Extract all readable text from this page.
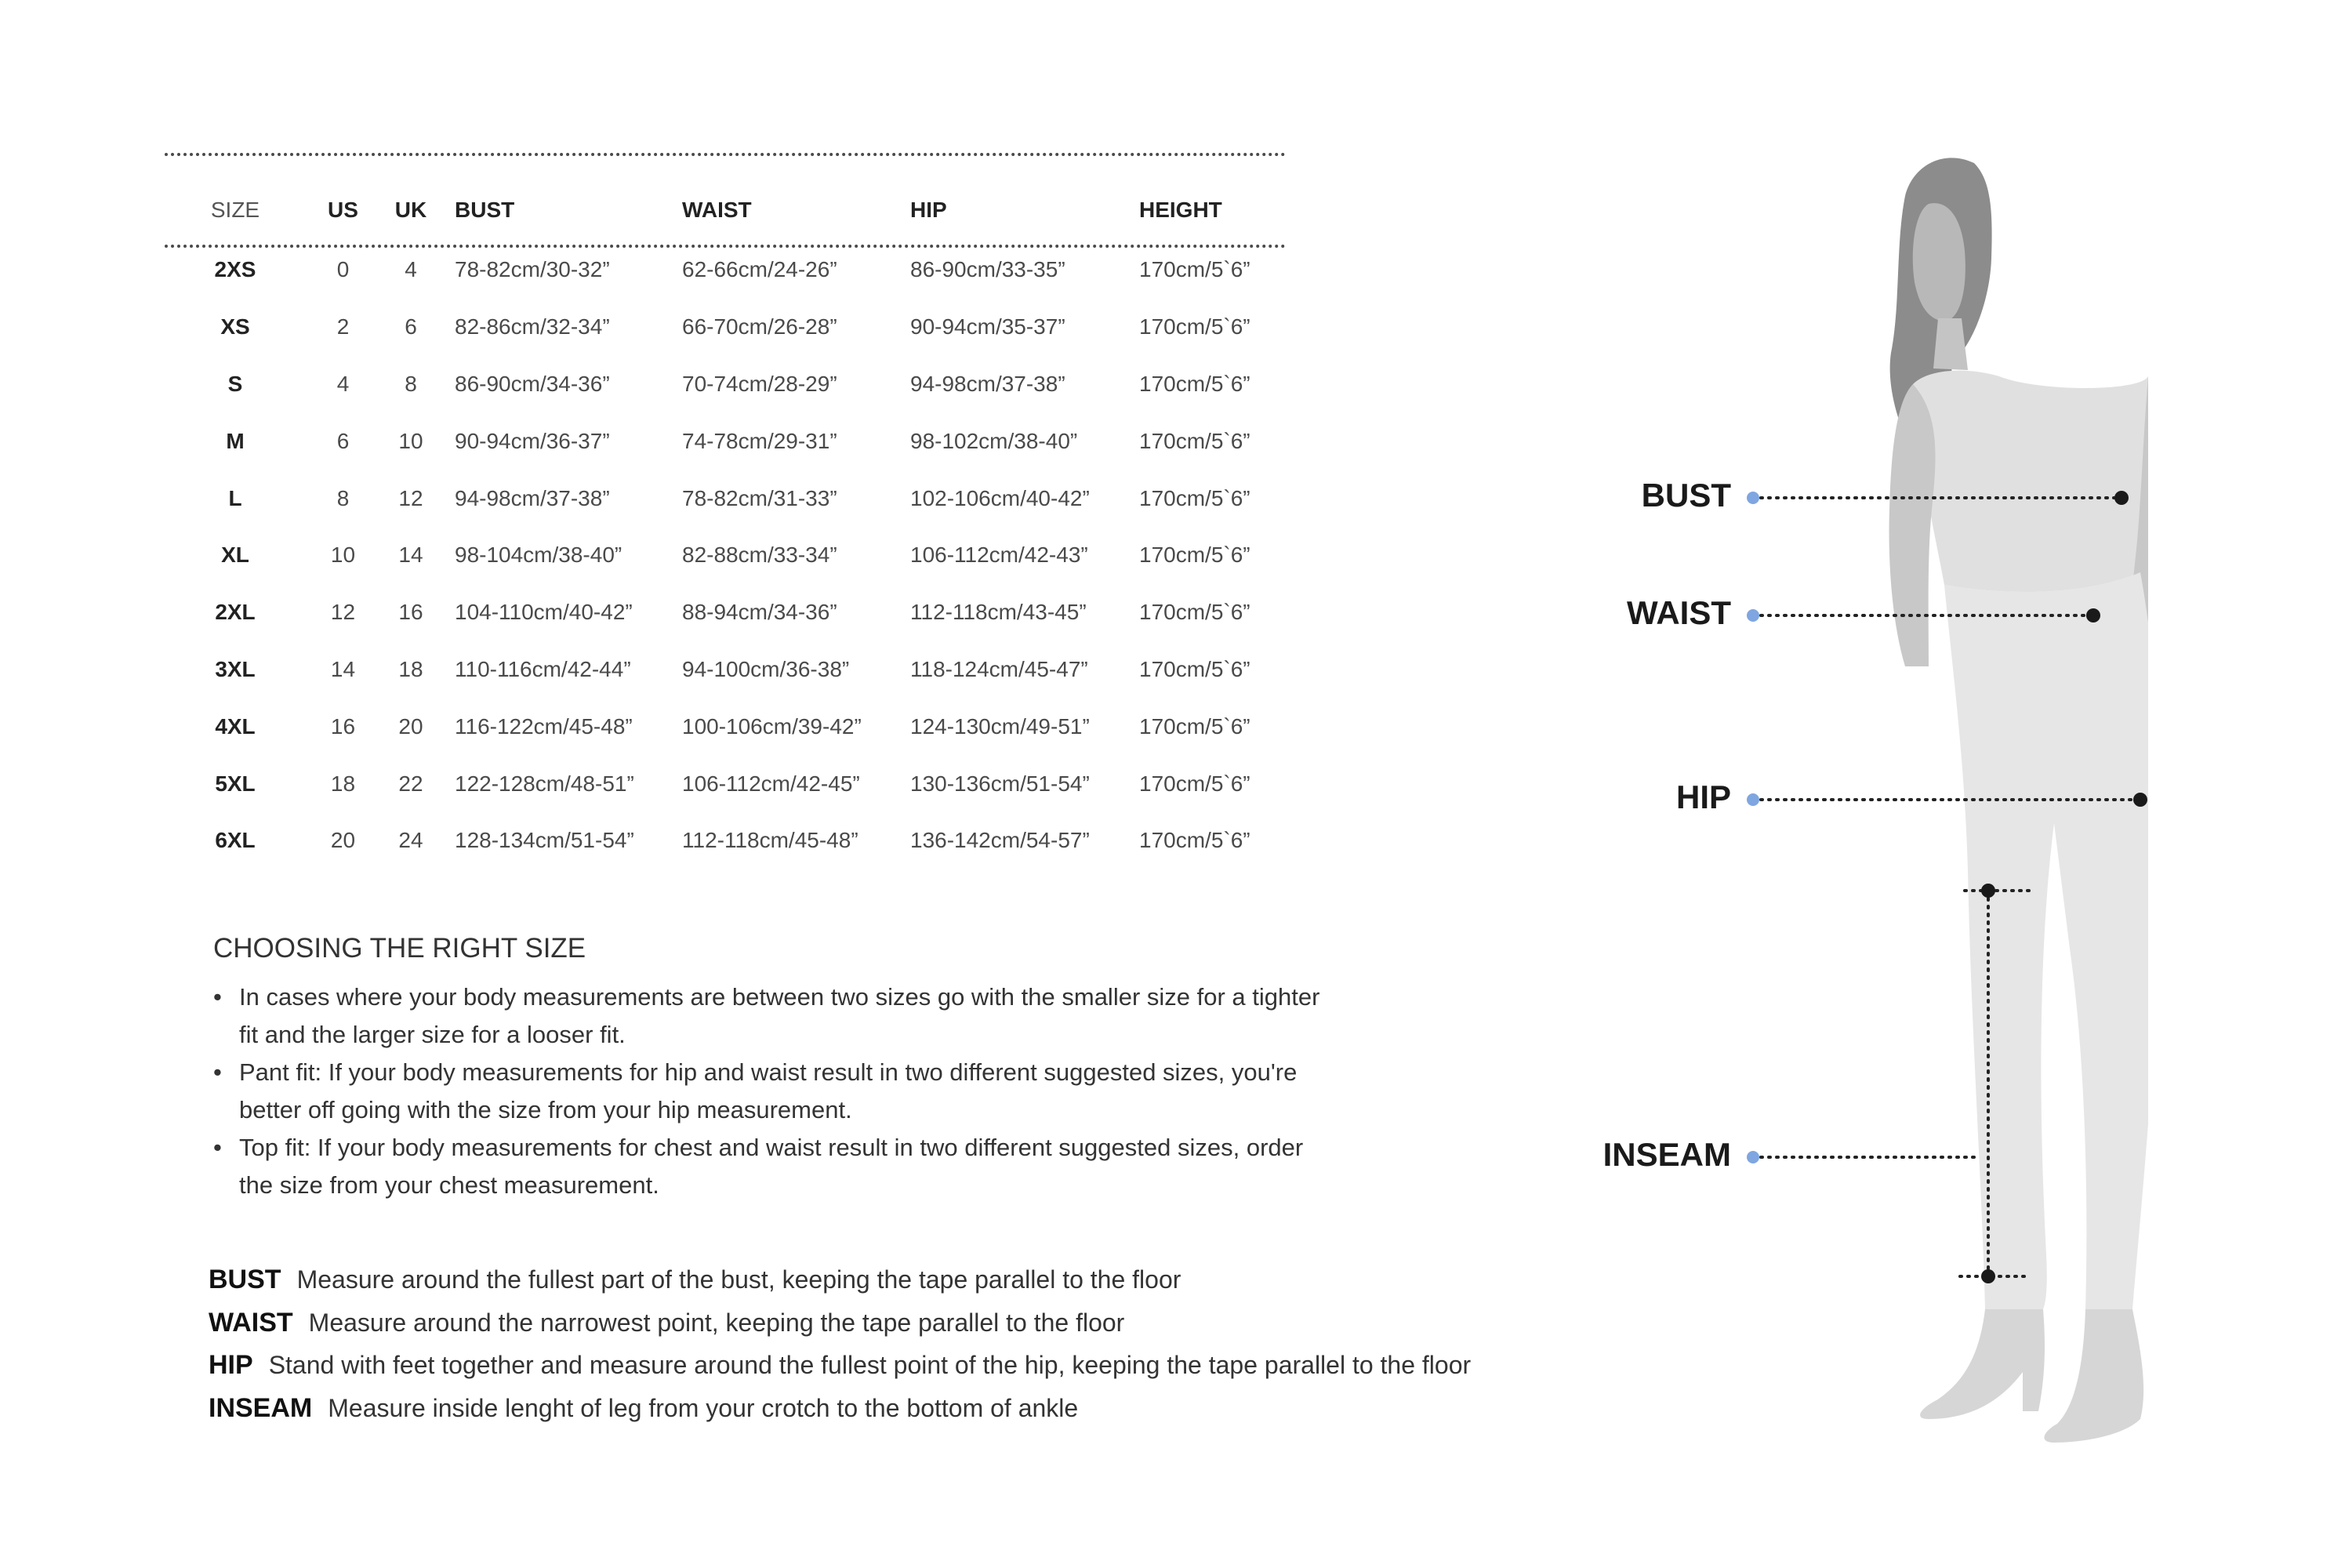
SIZE	US	UK	BUST	WAIST	HIP	HEIGHT
2XS	0	4	78-82cm/30-32”	62-66cm/24-26”	86-90cm/33-35”	170cm/5`6”
XS	2	6	82-86cm/32-34”	66-70cm/26-28”	90-94cm/35-37”	170cm/5`6”
S	4	8	86-90cm/34-36”	70-74cm/28-29”	94-98cm/37-38”	170cm/5`6”
M	6	10	90-94cm/36-37”	74-78cm/29-31”	98-102cm/38-40”	170cm/5`6”
L	8	12	94-98cm/37-38”	78-82cm/31-33”	102-106cm/40-42”	170cm/5`6”
XL	10	14	98-104cm/38-40”	82-88cm/33-34”	106-112cm/42-43”	170cm/5`6”
2XL	12	16	104-110cm/40-42”	88-94cm/34-36”	112-118cm/43-45”	170cm/5`6”
3XL	14	18	110-116cm/42-44”	94-100cm/36-38”	118-124cm/45-47”	170cm/5`6”
4XL	16	20	116-122cm/45-48”	100-106cm/39-42”	124-130cm/49-51”	170cm/5`6”
5XL	18	22	122-128cm/48-51”	106-112cm/42-45”	130-136cm/51-54”	170cm/5`6”
6XL	20	24	128-134cm/51-54”	112-118cm/45-48”	136-142cm/54-57”	170cm/5`6”
CHOOSING THE RIGHT SIZE
• In cases where your body measurements are between two sizes go with the smaller size for a tighter fit and the larger size for a looser fit.
• Pant fit: If your body measurements for hip and waist result in two different suggested sizes, you're better off going with the size from your hip measurement.
• Top fit: If your body measurements for chest and waist result in two different suggested sizes, order the size from your chest measurement.
BUST Measure around the fullest part of the bust, keeping the tape parallel to the floor
WAIST Measure around the narrowest point, keeping the tape parallel to the floor
HIP Stand with feet together and measure around the fullest point of the hip, keeping the tape parallel to the floor
INSEAM Measure inside lenght of leg from your crotch to the bottom of ankle
BUST
WAIST
HIP
INSEAM
